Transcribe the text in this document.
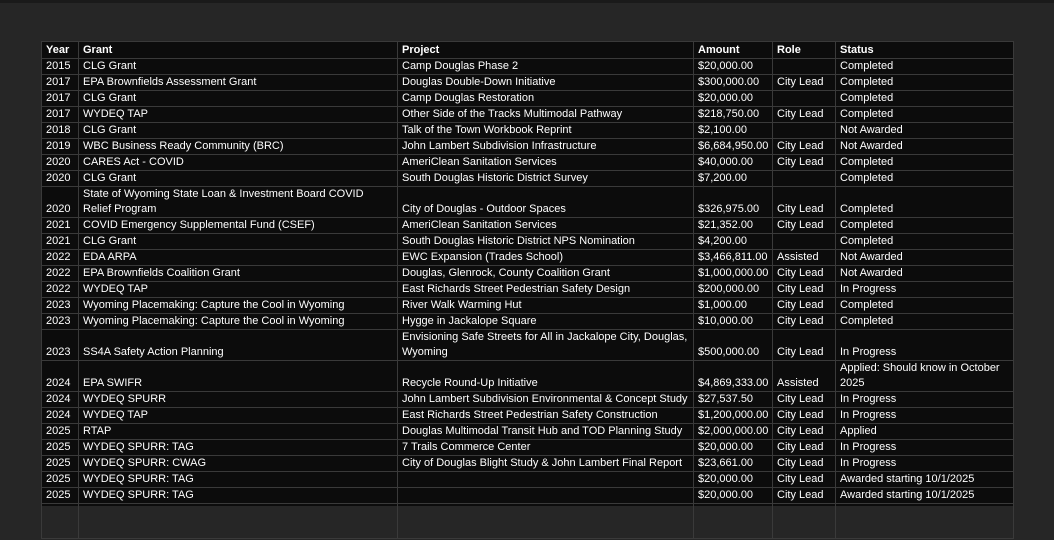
Year	Grant	Project	Amount	Role	Status
2015	CLG Grant	Camp Douglas Phase 2	$20,000.00		Completed
2017	EPA Brownfields Assessment Grant	Douglas Double-Down Initiative	$300,000.00	City Lead	Completed
2017	CLG Grant	Camp Douglas Restoration	$20,000.00		Completed
2017	WYDEQ TAP	Other Side of the Tracks Multimodal Pathway	$218,750.00	City Lead	Completed
2018	CLG Grant	Talk of the Town Workbook Reprint	$2,100.00		Not Awarded
2019	WBC Business Ready Community (BRC)	John Lambert Subdivision Infrastructure	$6,684,950.00	City Lead	Not Awarded
2020	CARES Act - COVID	AmeriClean Sanitation Services	$40,000.00	City Lead	Completed
2020	CLG Grant	South Douglas Historic District Survey	$7,200.00		Completed
2020	State of Wyoming State Loan & Investment Board COVID Relief Program	City of Douglas - Outdoor Spaces	$326,975.00	City Lead	Completed
2021	COVID Emergency Supplemental Fund (CSEF)	AmeriClean Sanitation Services	$21,352.00	City Lead	Completed
2021	CLG Grant	South Douglas Historic District NPS Nomination	$4,200.00		Completed
2022	EDA ARPA	EWC Expansion (Trades School)	$3,466,811.00	Assisted	Not Awarded
2022	EPA Brownfields Coalition Grant	Douglas, Glenrock, County Coalition Grant	$1,000,000.00	City Lead	Not Awarded
2022	WYDEQ TAP	East Richards Street Pedestrian Safety Design	$200,000.00	City Lead	In Progress
2023	Wyoming Placemaking: Capture the Cool in Wyoming	River Walk Warming Hut	$1,000.00	City Lead	Completed
2023	Wyoming Placemaking: Capture the Cool in Wyoming	Hygge in Jackalope Square	$10,000.00	City Lead	Completed
2023	SS4A Safety Action Planning	Envisioning Safe Streets for All in Jackalope City, Douglas, Wyoming	$500,000.00	City Lead	In Progress
2024	EPA SWIFR	Recycle Round-Up Initiative	$4,869,333.00	Assisted	Applied: Should know in October 2025
2024	WYDEQ SPURR	John Lambert Subdivision Environmental & Concept Study	$27,537.50	City Lead	In Progress
2024	WYDEQ TAP	East Richards Street Pedestrian Safety Construction	$1,200,000.00	City Lead	In Progress
2025	RTAP	Douglas Multimodal Transit Hub and TOD Planning Study	$2,000,000.00	City Lead	Applied
2025	WYDEQ SPURR: TAG	7 Trails Commerce Center	$20,000.00	City Lead	In Progress
2025	WYDEQ SPURR: CWAG	City of Douglas Blight Study & John Lambert Final Report	$23,661.00	City Lead	In Progress
2025	WYDEQ SPURR: TAG		$20,000.00	City Lead	Awarded starting 10/1/2025
2025	WYDEQ SPURR: TAG		$20,000.00	City Lead	Awarded starting 10/1/2025
